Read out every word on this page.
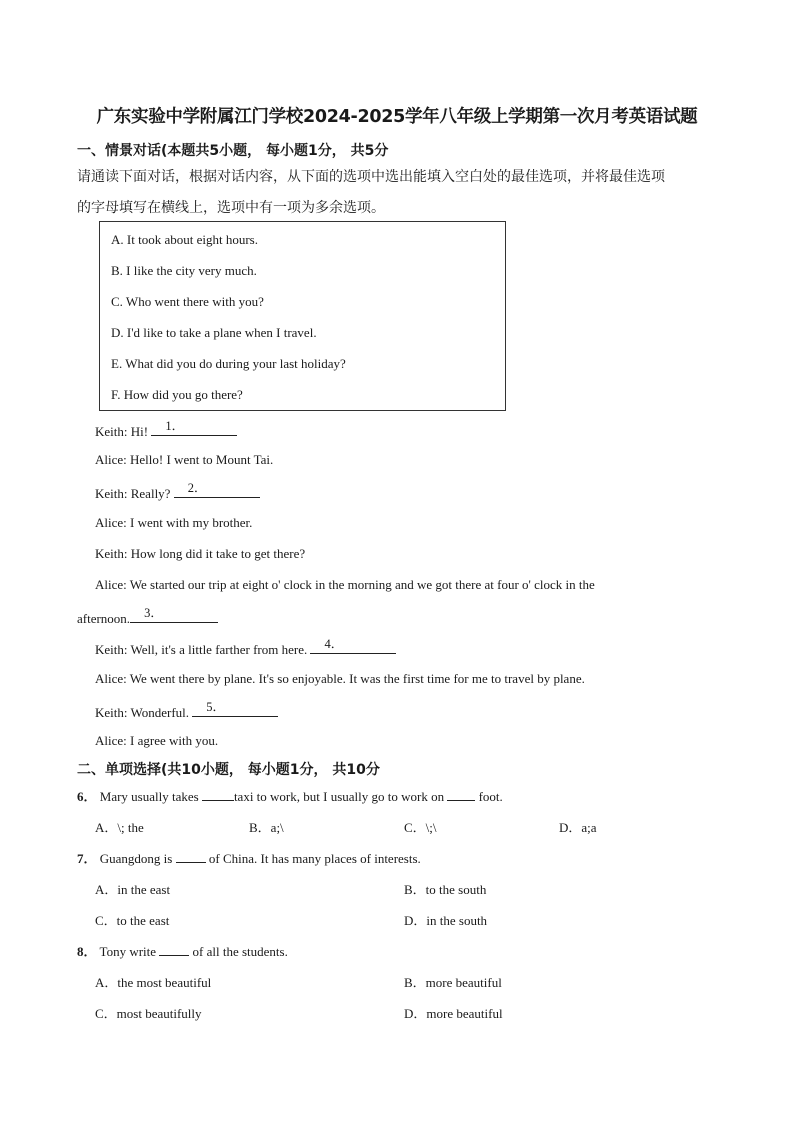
广东实验中学附属江门学校2024-2025学年八年级上学期第一次月考英语试题
一、情景对话(本题共5小题， 每小题1分， 共5分
请通读下面对话，根据对话内容，从下面的选项中选出能填入空白处的最佳选项，并将最佳选项
的字母填写在横线上，选项中有一项为多余选项。
A. It took about eight hours.
B. I like the city very much.
C. Who went there with you?
D. I'd like to take a plane when I travel.
E. What did you do during your last holiday?
F. How did you go there?
Keith: Hi! 1．
Alice: Hello! I went to Mount Tai.
Keith: Really? 2．
Alice: I went with my brother.
Keith: How long did it take to get there?
Alice: We started our trip at eight o' clock in the morning and we got there at four o' clock in the
afternoon. 3．
Keith: Well, it's a little farther from here. 4．
Alice: We went there by plane. It's so enjoyable. It was the first time for me to travel by plane.
Keith: Wonderful. 5．
Alice: I agree with you.
二、单项选择(共10小题， 每小题1分， 共10分
6． Mary usually takes taxi to work, but I usually go to work on  foot.
A．\; the	B．a;\	C．\;\	D．a;a
7． Guangdong is  of China. It has many places of interests.
A．in the east	B．to the south
C．to the east	D．in the south
8． Tony write  of all the students.
A．the most beautiful	B．more beautiful
C．most beautifully	D．more beautiful
